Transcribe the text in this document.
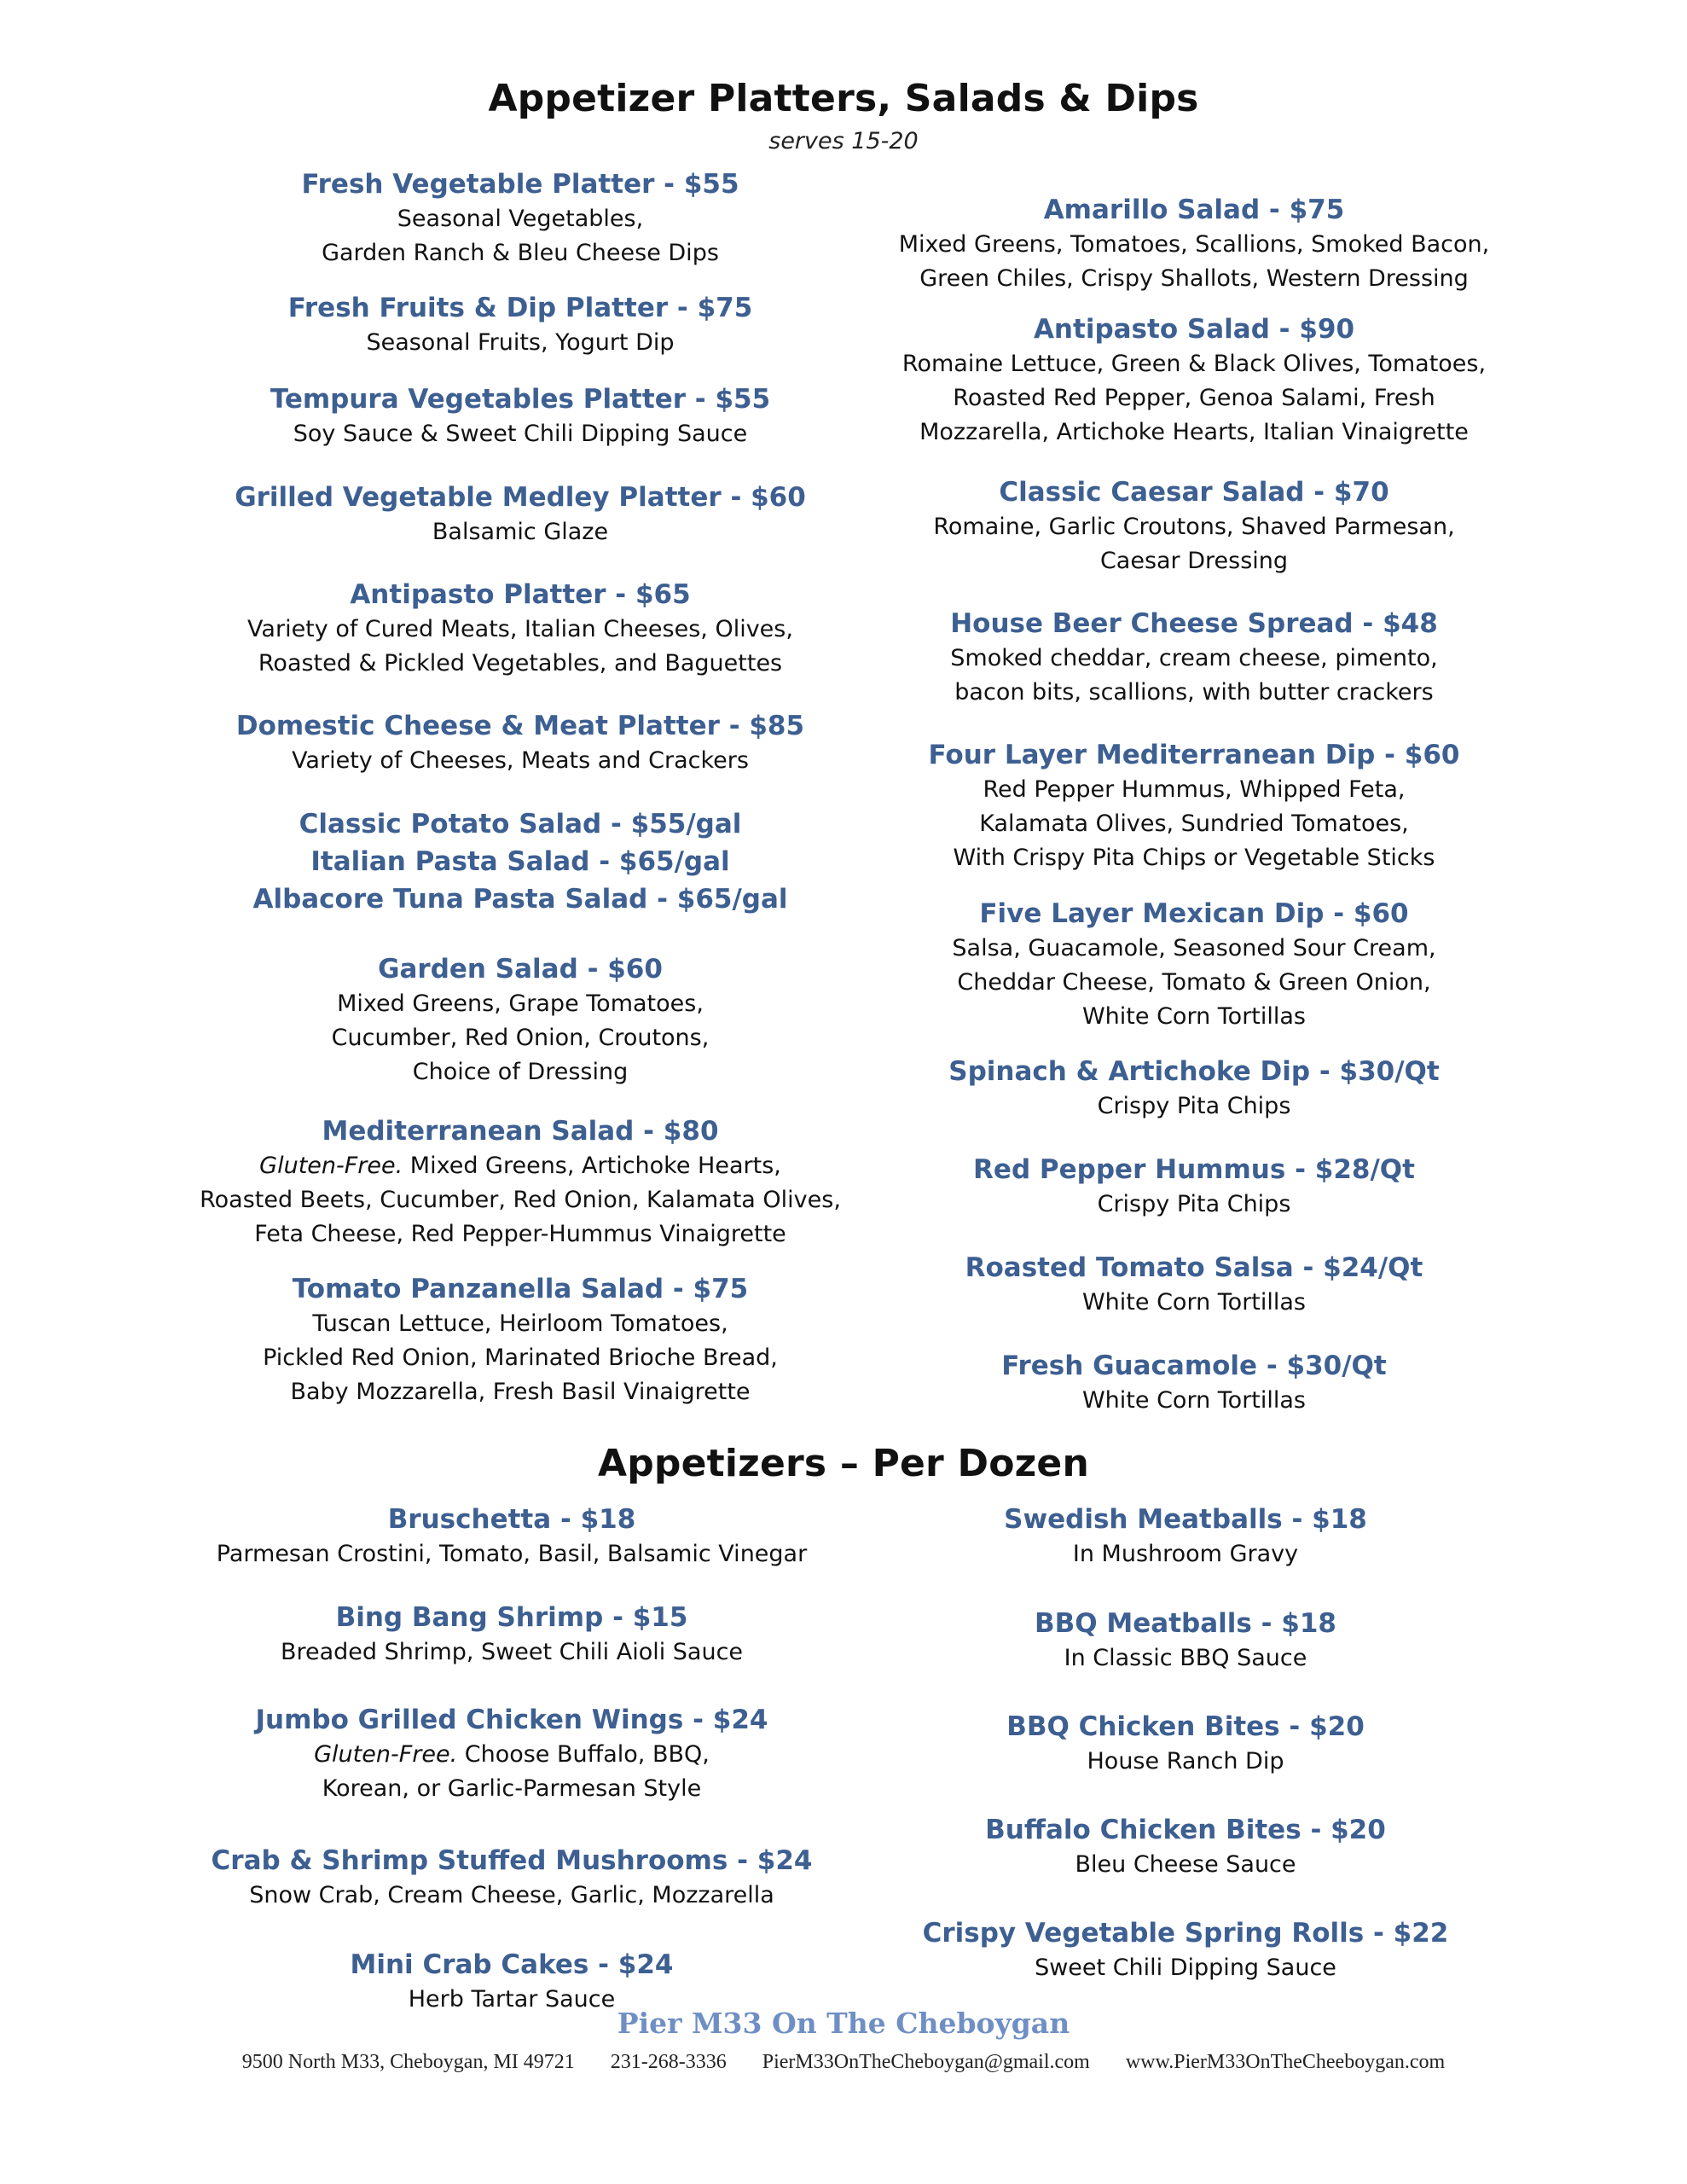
Appetizer Platters, Salads & Dips
serves 15-20
Fresh Vegetable Platter - $55
Seasonal Vegetables,
Garden Ranch & Bleu Cheese Dips
Fresh Fruits & Dip Platter - $75
Seasonal Fruits, Yogurt Dip
Tempura Vegetables Platter - $55
Soy Sauce & Sweet Chili Dipping Sauce
Grilled Vegetable Medley Platter - $60
Balsamic Glaze
Antipasto Platter - $65
Variety of Cured Meats, Italian Cheeses, Olives,
Roasted & Pickled Vegetables, and Baguettes
Domestic Cheese & Meat Platter - $85
Variety of Cheeses, Meats and Crackers
Classic Potato Salad - $55/gal
Italian Pasta Salad - $65/gal
Albacore Tuna Pasta Salad - $65/gal
Garden Salad - $60
Mixed Greens, Grape Tomatoes,
Cucumber, Red Onion, Croutons,
Choice of Dressing
Mediterranean Salad - $80
Gluten-Free. Mixed Greens, Artichoke Hearts,
Roasted Beets, Cucumber, Red Onion, Kalamata Olives,
Feta Cheese, Red Pepper-Hummus Vinaigrette
Tomato Panzanella Salad - $75
Tuscan Lettuce, Heirloom Tomatoes,
Pickled Red Onion, Marinated Brioche Bread,
Baby Mozzarella, Fresh Basil Vinaigrette
Amarillo Salad - $75
Mixed Greens, Tomatoes, Scallions, Smoked Bacon,
Green Chiles, Crispy Shallots, Western Dressing
Antipasto Salad - $90
Romaine Lettuce, Green & Black Olives, Tomatoes,
Roasted Red Pepper, Genoa Salami, Fresh
Mozzarella, Artichoke Hearts, Italian Vinaigrette
Classic Caesar Salad - $70
Romaine, Garlic Croutons, Shaved Parmesan,
Caesar Dressing
House Beer Cheese Spread - $48
Smoked cheddar, cream cheese, pimento,
bacon bits, scallions, with butter crackers
Four Layer Mediterranean Dip - $60
Red Pepper Hummus, Whipped Feta,
Kalamata Olives, Sundried Tomatoes,
With Crispy Pita Chips or Vegetable Sticks
Five Layer Mexican Dip - $60
Salsa, Guacamole, Seasoned Sour Cream,
Cheddar Cheese, Tomato & Green Onion,
White Corn Tortillas
Spinach & Artichoke Dip - $30/Qt
Crispy Pita Chips
Red Pepper Hummus - $28/Qt
Crispy Pita Chips
Roasted Tomato Salsa - $24/Qt
White Corn Tortillas
Fresh Guacamole - $30/Qt
White Corn Tortillas
Appetizers – Per Dozen
Bruschetta - $18
Parmesan Crostini, Tomato, Basil, Balsamic Vinegar
Bing Bang Shrimp - $15
Breaded Shrimp, Sweet Chili Aioli Sauce
Jumbo Grilled Chicken Wings - $24
Gluten-Free. Choose Buffalo, BBQ,
Korean, or Garlic-Parmesan Style
Crab & Shrimp Stuffed Mushrooms - $24
Snow Crab, Cream Cheese, Garlic, Mozzarella
Mini Crab Cakes - $24
Herb Tartar Sauce
Swedish Meatballs - $18
In Mushroom Gravy
BBQ Meatballs - $18
In Classic BBQ Sauce
BBQ Chicken Bites - $20
House Ranch Dip
Buffalo Chicken Bites - $20
Bleu Cheese Sauce
Crispy Vegetable Spring Rolls - $22
Sweet Chili Dipping Sauce
Pier M33 On The Cheboygan
9500 North M33, Cheboygan, MI 49721 231-268-3336 PierM33OnTheCheboygan@gmail.com www.PierM33OnTheCheeboygan.com
